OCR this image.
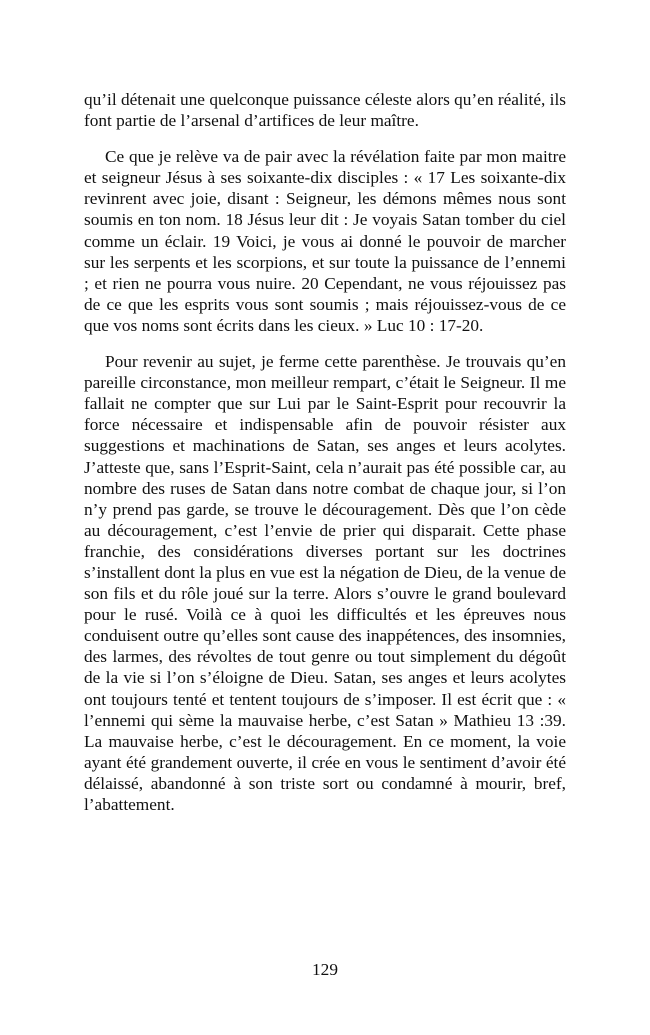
qu’il détenait une quelconque puissance céleste alors qu’en réalité, ils font partie de l’arsenal d’artifices de leur maître.

Ce que je relève va de pair avec la révélation faite par mon maitre et seigneur Jésus à ses soixante-dix disciples : « 17 Les soixante-dix revinrent avec joie, disant : Seigneur, les démons mêmes nous sont soumis en ton nom. 18 Jésus leur dit : Je voyais Satan tomber du ciel comme un éclair. 19 Voici, je vous ai donné le pouvoir de marcher sur les serpents et les scorpions, et sur toute la puissance de l’ennemi ; et rien ne pourra vous nuire. 20 Cependant, ne vous réjouissez pas de ce que les esprits vous sont soumis ; mais réjouissez-vous de ce que vos noms sont écrits dans les cieux. » Luc 10 : 17-20.

Pour revenir au sujet, je ferme cette parenthèse. Je trouvais qu’en pareille circonstance, mon meilleur rempart, c’était le Seigneur. Il me fallait ne compter que sur Lui par le Saint-Esprit pour recouvrir la force nécessaire et indispensable afin de pouvoir résister aux suggestions et machinations de Satan, ses anges et leurs acolytes. J’atteste que, sans l’Esprit-Saint, cela n’aurait pas été possible car, au nombre des ruses de Satan dans notre combat de chaque jour, si l’on n’y prend pas garde, se trouve le découragement. Dès que l’on cède au découragement, c’est l’envie de prier qui disparait. Cette phase franchie, des considérations diverses portant sur les doctrines s’installent dont la plus en vue est la négation de Dieu, de la venue de son fils et du rôle joué sur la terre. Alors s’ouvre le grand boulevard pour le rusé. Voilà ce à quoi les difficultés et les épreuves nous conduisent outre qu’elles sont cause des inappétences, des insomnies, des larmes, des révoltes de tout genre ou tout simplement du dégoût de la vie si l’on s’éloigne de Dieu. Satan, ses anges et leurs acolytes ont toujours tenté et tentent toujours de s’imposer. Il est écrit que : « l’ennemi qui sème la mauvaise herbe, c’est Satan » Mathieu 13 :39. La mauvaise herbe, c’est le découragement. En ce moment, la voie ayant été grandement ouverte, il crée en vous le sentiment d’avoir été délaissé, abandonné à son triste sort ou condamné à mourir, bref, l’abattement.

129
